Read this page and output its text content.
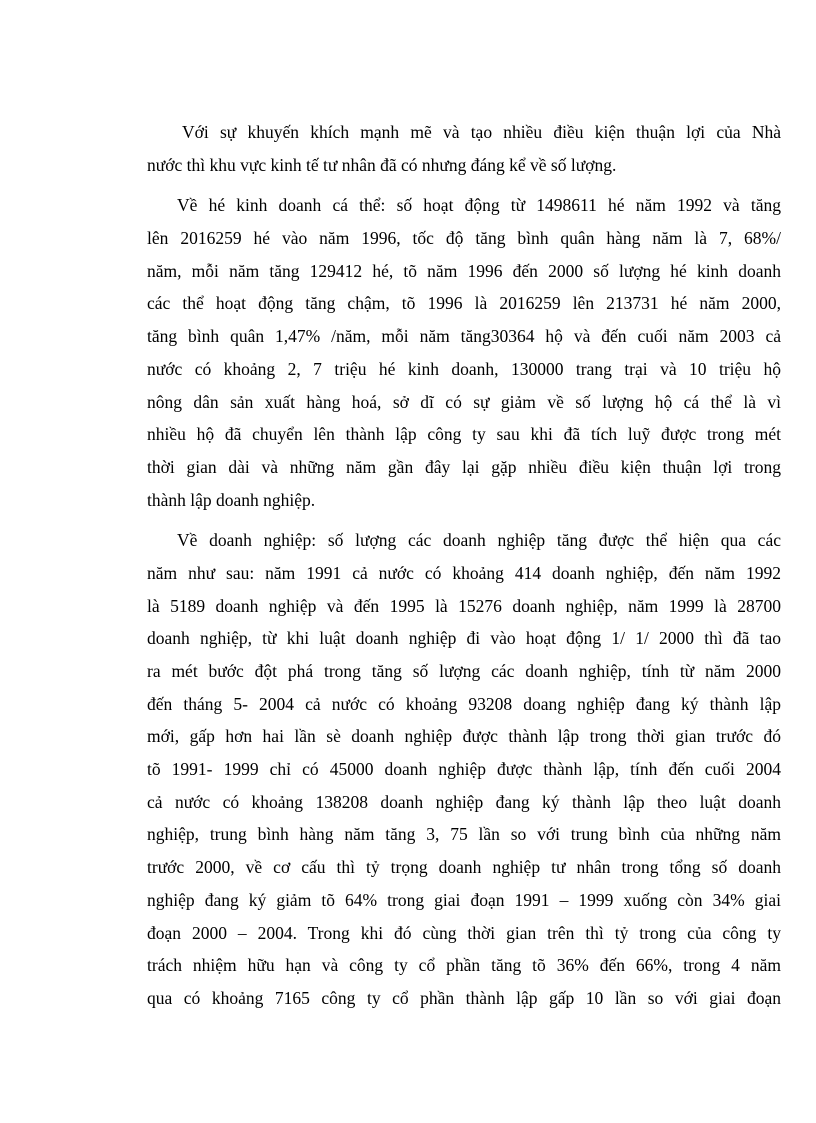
Với sự khuyến khích mạnh mẽ và tạo nhiều điều kiện thuận lợi của Nhà
nước thì khu vực kinh tế tư nhân đã có nhưng đáng kể về số lượng.

Về hé kinh doanh cá thể: số hoạt động từ 1498611 hé năm 1992 và tăng
lên 2016259 hé vào năm 1996, tốc độ tăng bình quân hàng năm là 7, 68%/
năm, mỗi năm tăng 129412 hé, tõ năm 1996 đến 2000 số lượng hé kinh doanh
các thể hoạt động tăng chậm, tõ 1996 là 2016259 lên 213731 hé năm 2000,
tăng bình quân 1,47% /năm, mỗi năm tăng30364 hộ và đến cuối năm 2003 cả
nước có khoảng 2, 7 triệu hé kinh doanh, 130000 trang trại và 10 triệu hộ
nông dân sản xuất hàng hoá, sở dĩ có sự giảm về số lượng hộ cá thể là vì
nhiều hộ đã chuyển lên thành lập công ty sau khi đã tích luỹ được trong mét
thời gian dài và những năm gần đây lại gặp nhiều điều kiện thuận lợi trong
thành lập doanh nghiệp.

Về doanh nghiệp: số lượng các doanh nghiệp tăng được thể hiện qua các
năm như sau: năm 1991 cả nước có khoảng 414 doanh nghiệp, đến năm 1992
là 5189 doanh nghiệp và đến 1995 là 15276 doanh nghiệp, năm 1999 là 28700
doanh nghiệp, từ khi luật doanh nghiệp đi vào hoạt động 1/ 1/ 2000 thì đã tao
ra mét bước đột phá trong tăng số lượng các doanh nghiệp, tính từ năm 2000
đến tháng 5- 2004 cả nước có khoảng 93208 doang nghiệp đang ký thành lập
mới, gấp hơn hai lần sè doanh nghiệp được thành lập trong thời gian trước đó
tõ 1991- 1999 chỉ có 45000 doanh nghiệp được thành lập, tính đến cuối 2004
cả nước có khoảng 138208 doanh nghiệp đang ký thành lập theo luật doanh
nghiệp, trung bình hàng năm tăng 3, 75 lần so với trung bình của những năm
trước 2000, về cơ cấu thì tỷ trọng doanh nghiệp tư nhân trong tổng số doanh
nghiệp đang ký giảm tõ 64% trong giai đoạn 1991 – 1999 xuống còn 34% giai
đoạn 2000 – 2004. Trong khi đó cùng thời gian trên thì tỷ trong của công ty
trách nhiệm hữu hạn và công ty cổ phần tăng tõ 36% đến 66%, trong 4 năm
qua có khoảng 7165 công ty cổ phần thành lập gấp 10 lần so với giai đoạn
